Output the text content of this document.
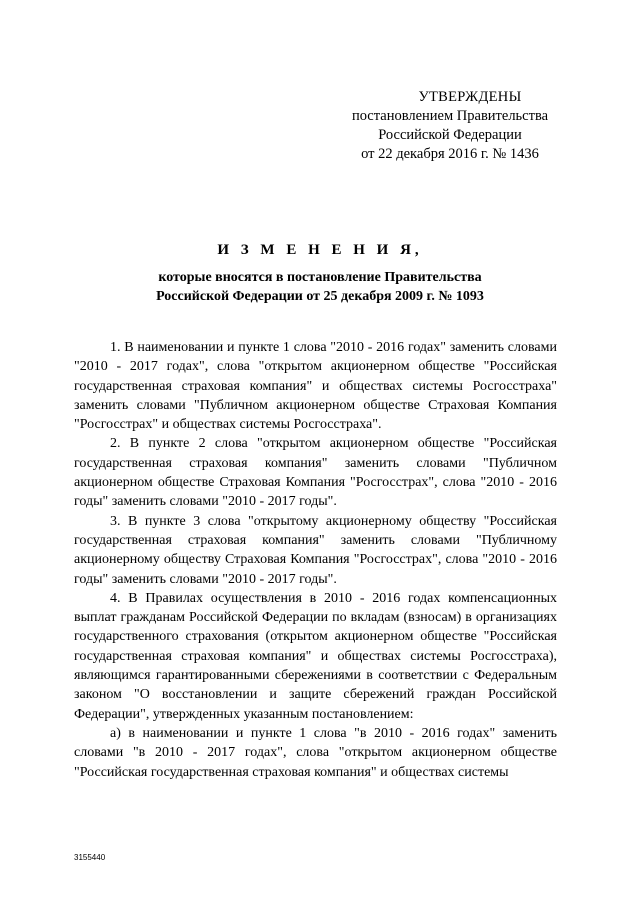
УТВЕРЖДЕНЫ
постановлением Правительства
Российской Федерации
от 22 декабря 2016 г. № 1436
И З М Е Н Е Н И Я,
которые вносятся в постановление Правительства
Российской Федерации от 25 декабря 2009 г. № 1093

1. В наименовании и пункте 1 слова "2010 - 2016 годах" заменить словами "2010 - 2017 годах", слова "открытом акционерном обществе "Российская государственная страховая компания" и обществах системы Росгосстраха" заменить словами "Публичном акционерном обществе Страховая Компания "Росгосстрах" и обществах системы Росгосстраха".

2. В пункте 2 слова "открытом акционерном обществе "Российская государственная страховая компания" заменить словами "Публичном акционерном обществе Страховая Компания "Росгосстрах", слова "2010 - 2016 годы" заменить словами "2010 - 2017 годы".

3. В пункте 3 слова "открытому акционерному обществу "Российская государственная страховая компания" заменить словами "Публичному акционерному обществу Страховая Компания "Росгосстрах", слова "2010 - 2016 годы" заменить словами "2010 - 2017 годы".

4. В Правилах осуществления в 2010 - 2016 годах компенсационных выплат гражданам Российской Федерации по вкладам (взносам) в организациях государственного страхования (открытом акционерном обществе "Российская государственная страховая компания" и обществах системы Росгосстраха), являющимся гарантированными сбережениями в соответствии с Федеральным законом "О восстановлении и защите сбережений граждан Российской Федерации", утвержденных указанным постановлением:

а) в наименовании и пункте 1 слова "в 2010 - 2016 годах" заменить словами "в 2010 - 2017 годах", слова "открытом акционерном обществе "Российская государственная страховая компания" и обществах системы

3155440
